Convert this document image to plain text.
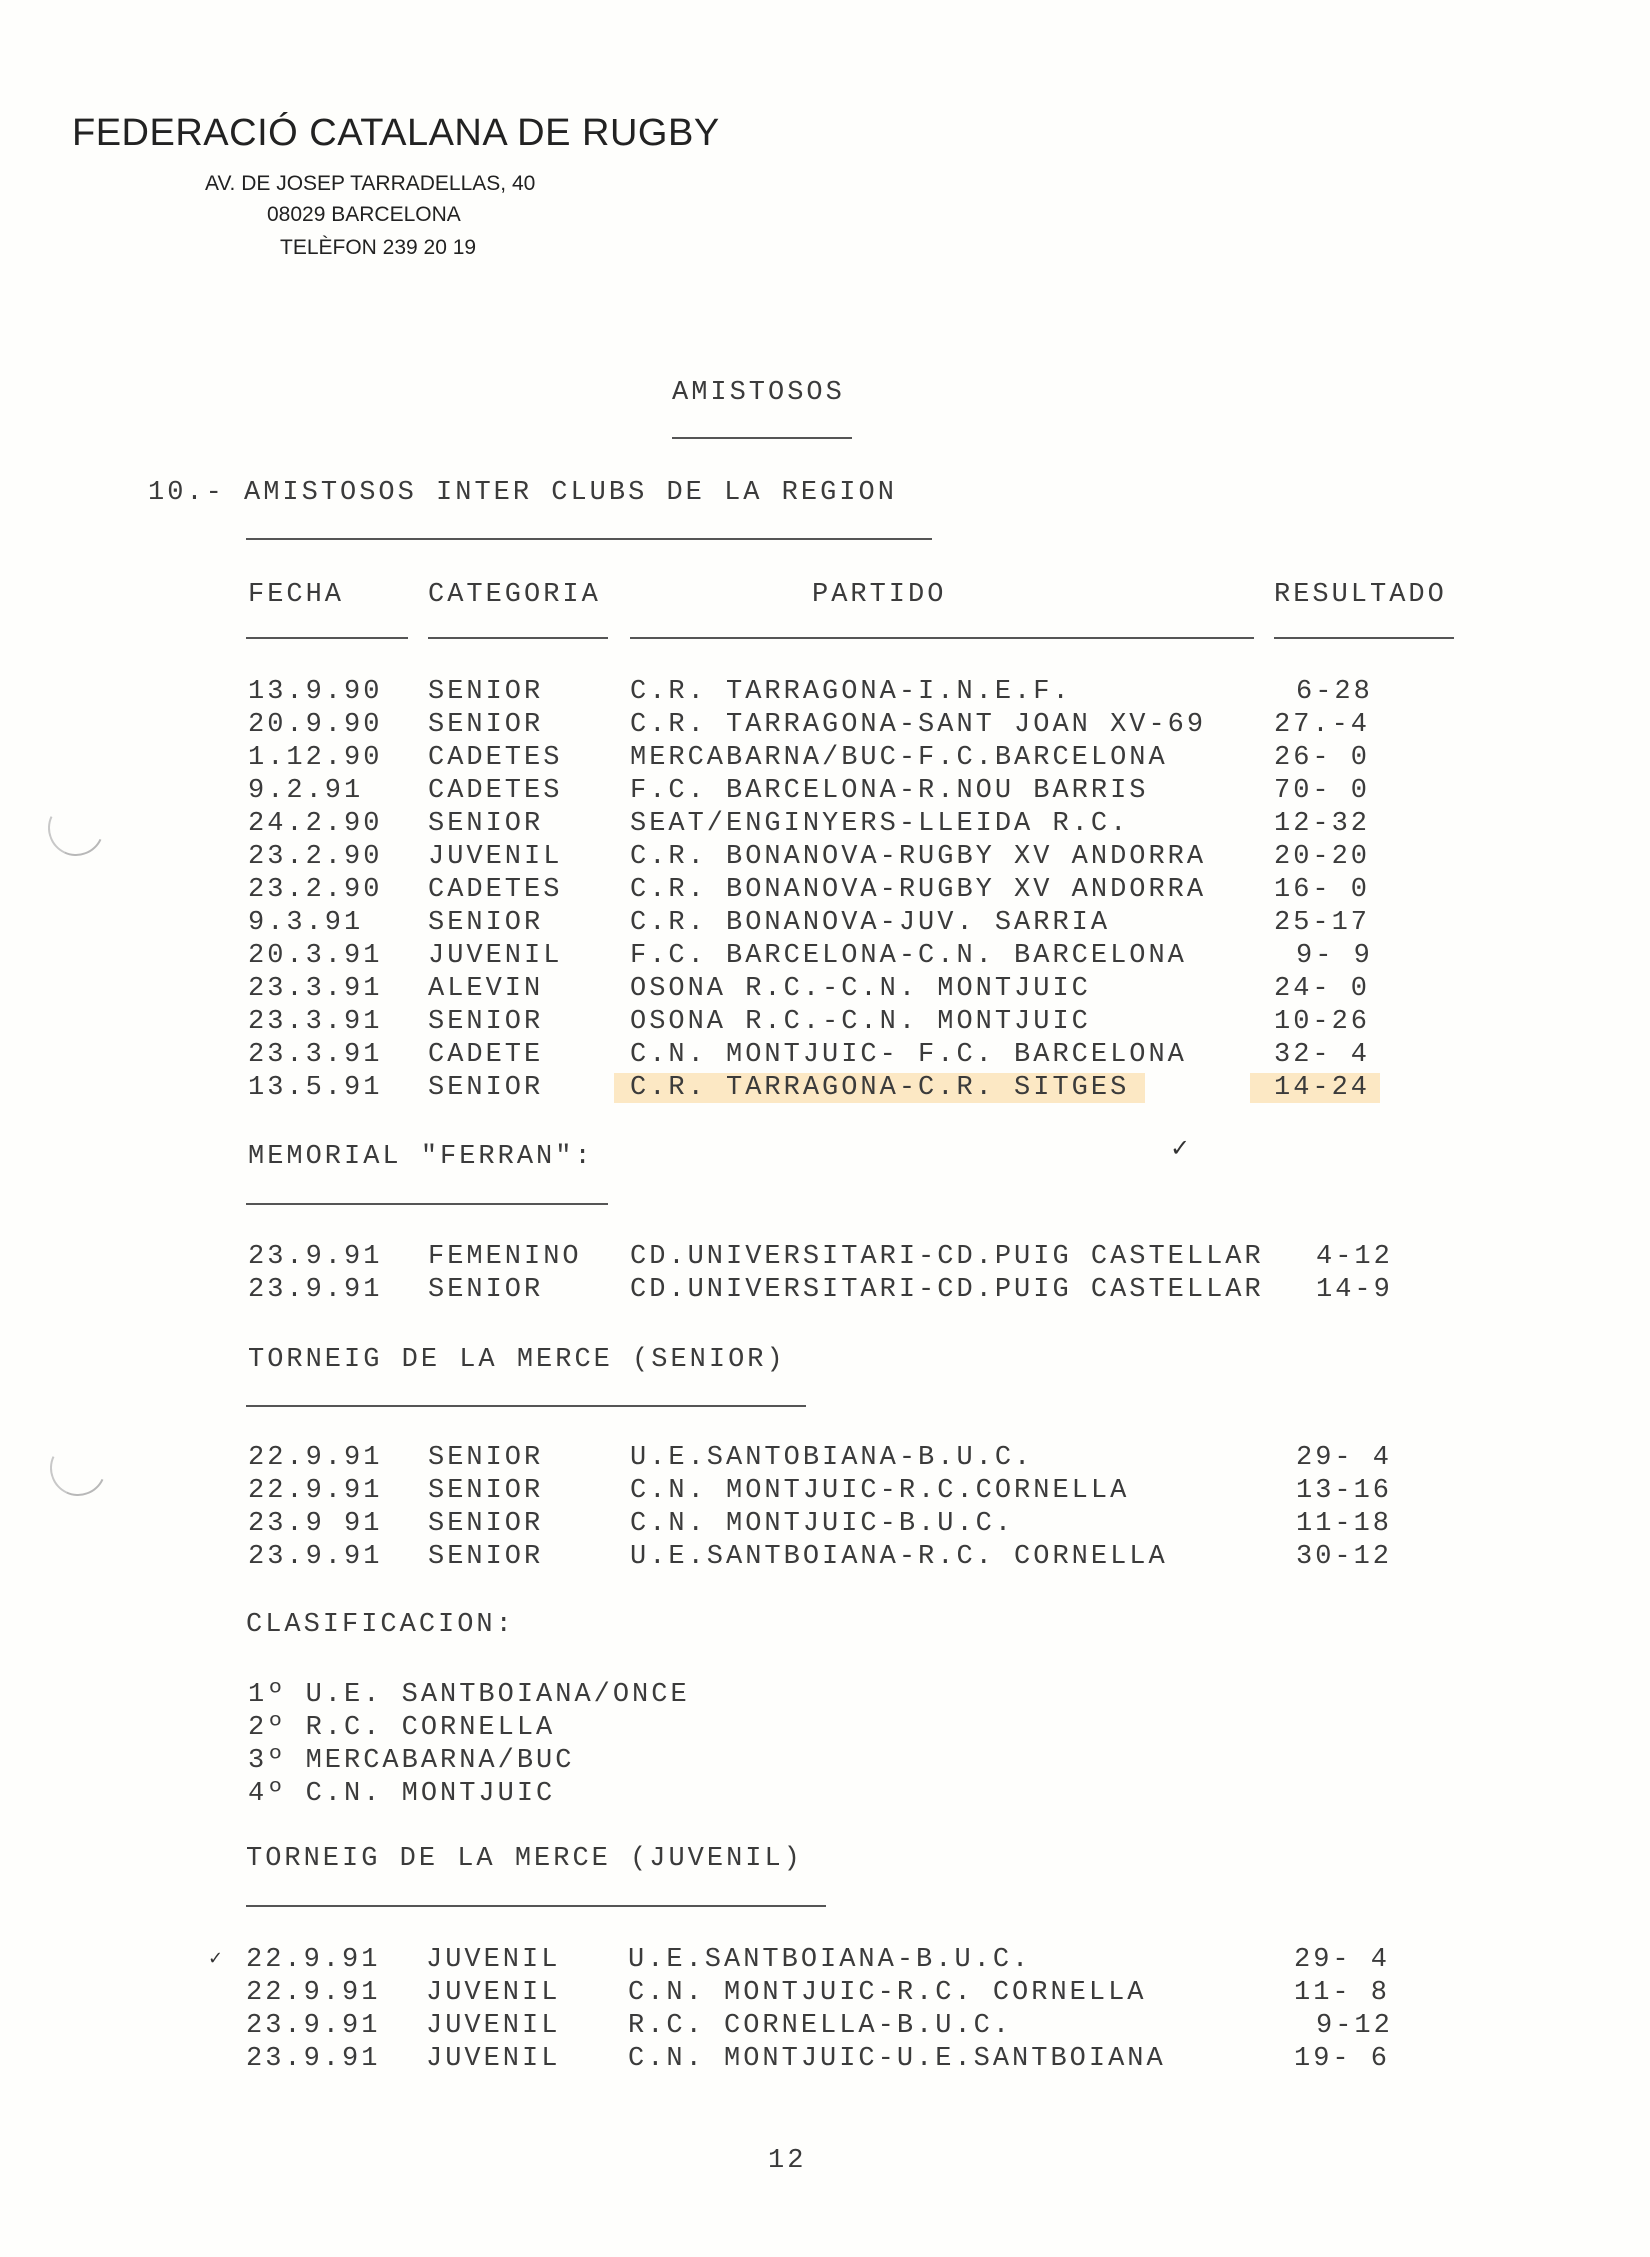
FEDERACIÓ CATALANA DE RUGBY
AV. DE JOSEP TARRADELLAS, 40
08029 BARCELONA
TELÈFON 239 20 19
AMISTOSOS
10.- AMISTOSOS INTER CLUBS DE LA REGION
FECHA	CATEGORIA	PARTIDO	RESULTADO
13.9.90 SENIOR	C.R. TARRAGONA-I.N.E.F.	6-28
20.9.90 SENIOR	C.R. TARRAGONA-SANT JOAN XV-69	27.-4
1.12.90 CADETES	MERCABARNA/BUC-F.C.BARCELONA	26- 0
9.2.91 CADETES	F.C. BARCELONA-R.NOU BARRIS	70- 0
24.2.90 SENIOR	SEAT/ENGINYERS-LLEIDA R.C.	12-32
23.2.90 JUVENIL	C.R. BONANOVA-RUGBY XV ANDORRA	20-20
23.2.90 CADETES	C.R. BONANOVA-RUGBY XV ANDORRA	16- 0
9.3.91 SENIOR	C.R. BONANOVA-JUV. SARRIA	25-17
20.3.91 JUVENIL	F.C. BARCELONA-C.N. BARCELONA	9- 9
23.3.91 ALEVIN	OSONA R.C.-C.N. MONTJUIC	24- 0
23.3.91 SENIOR	OSONA R.C.-C.N. MONTJUIC	10-26
23.3.91 CADETE	C.N. MONTJUIC- F.C. BARCELONA	32- 4
13.5.91 SENIOR	C.R. TARRAGONA-C.R. SITGES	14-24
MEMORIAL "FERRAN":	✓
23.9.91 FEMENINO CD.UNIVERSITARI-CD.PUIG CASTELLAR 4-12
23.9.91 SENIOR	CD.UNIVERSITARI-CD.PUIG CASTELLAR 14-9
TORNEIG DE LA MERCE (SENIOR)
22.9.91 SENIOR	U.E.SANTOBIANA-B.U.C.	29- 4
22.9.91 SENIOR	C.N. MONTJUIC-R.C.CORNELLA	13-16
23.9 91 SENIOR	C.N. MONTJUIC-B.U.C.	11-18
23.9.91 SENIOR	U.E.SANTBOIANA-R.C. CORNELLA	30-12
CLASIFICACION:
1º U.E. SANTBOIANA/ONCE
2º R.C. CORNELLA
3º MERCABARNA/BUC
4º C.N. MONTJUIC
TORNEIG DE LA MERCE (JUVENIL)
✓ 22.9.91 JUVENIL	U.E.SANTBOIANA-B.U.C.	29- 4
22.9.91 JUVENIL	C.N. MONTJUIC-R.C. CORNELLA	11- 8
23.9.91 JUVENIL	R.C. CORNELLA-B.U.C.	9-12
23.9.91 JUVENIL	C.N. MONTJUIC-U.E.SANTBOIANA	19- 6
12
